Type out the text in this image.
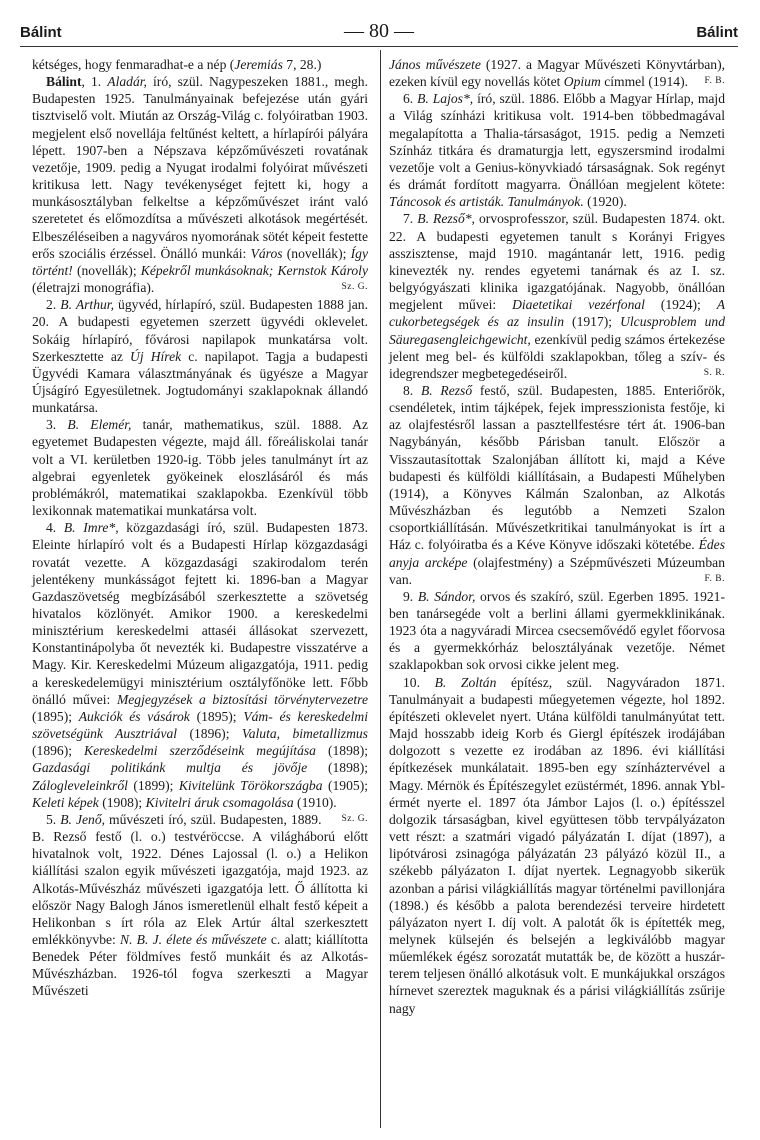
Bálint	— 80 —	Bálint

kétséges, hogy fenmaradhat-e a nép (Jeremiás 7, 28.)

Bálint, 1. Aladár, író, szül. Nagypeszeken 1881., megh. Budapesten 1925. Tanulmányainak befejezése után gyári tisztviselő volt. Miután az Ország-Világ c. folyóiratban 1903. megjelent első novellája feltűnést keltett, a hírlapírói pályára lépett. 1907-ben a Népszava képzőművészeti rovatának vezetője, 1909. pedig a Nyugat irodalmi folyóirat művészeti kritikusa lett. Nagy tevékenységet fejtett ki, hogy a munkásosztályban felkeltse a képzőművészet iránt való szeretetet és előmozdítsa a művészeti alkotások megértését. Elbeszéléseiben a nagyváros nyomorának sötét képeit festette erős szociális érzéssel. Önálló munkái: Város (novellák); Így történt! (novellák); Képekről munkásoknak; Kernstok Károly (életrajzi monográfia).	Sz. G.

2. B. Arthur, ügyvéd, hírlapíró, szül. Budapesten 1888 jan. 20. A budapesti egyetemen szerzett ügyvédi oklevelet. Sokáig hírlapíró, fővárosi napilapok munkatársa volt. Szerkesztette az Új Hírek c. napilapot. Tagja a budapesti Ügyvédi Kamara választmányának és ügyésze a Magyar Újságíró Egyesületnek. Jogtudományi szaklapoknak állandó munkatársa.

3. B. Elemér, tanár, mathematikus, szül. 1888. Az egyetemet Budapesten végezte, majd áll. főreáliskolai tanár volt a VI. kerületben 1920-ig. Több jeles tanulmányt írt az algebrai egyenletek gyökeinek eloszlásáról és más problémákról, matematikai szaklapokba. Ezenkívül több lexikonnak matematikai munkatársa volt.

4. B. Imre*, közgazdasági író, szül. Budapesten 1873. Eleinte hírlapíró volt és a Budapesti Hírlap közgazdasági rovatát vezette. A közgazdasági szakirodalom terén jelentékeny munkásságot fejtett ki. 1896-ban a Magyar Gazdaszövetség megbízásából szerkesztette a szövetség hivatalos közlönyét. Amikor 1900. a kereskedelmi minisztérium kereskedelmi attaséi állásokat szervezett, Konstantinápolyba őt nevezték ki. Budapestre visszatérve a Magy. Kir. Kereskedelmi Múzeum aligazgatója, 1911. pedig a kereskedelemügyi minisztérium osztályfőnöke lett. Főbb önálló művei: Megjegyzések a biztosítási törvénytervezetre (1895); Aukciók és vásárok (1895); Vám- és kereskedelmi szövetségünk Ausztriával (1896); Valuta, bimetallizmus (1896); Kereskedelmi szerződéseink megújítása (1898); Gazdasági politikánk multja és jövője (1898); Zálogleveleinkről (1899); Kivitelünk Törökországba (1905); Keleti képek (1908); Kivitelri áruk csomagolása (1910).
Sz. G.

5. B. Jenő, művészeti író, szül. Budapesten, 1889. B. Rezső festő (l. o.) testvéröccse. A világháború előtt hivatalnok volt, 1922. Dénes Lajossal (l. o.) a Helikon kiállítási szalon egyik művészeti igazgatója, majd 1923. az Alkotás-Művészház művészeti igazgatója lett. Ő állította ki először Nagy Balogh János ismeretlenül elhalt festő képeit a Helikonban s írt róla az Elek Artúr által szerkesztett emlékkönyvbe: N. B. J. élete és művészete c. alatt; kiállította Benedek Péter földmíves festő munkáit és az Alkotás-Művészházban. 1926-tól fogva szerkeszti a Magyar Művészeti

János művészete (1927. a Magyar Művészeti Könyvtárban), ezeken kívül egy novellás kötet Opium címmel (1914). F. B.

6. B. Lajos*, író, szül. 1886. Előbb a Magyar Hírlap, majd a Világ színházi kritikusa volt. 1914-ben többedmagával megalapította a Thalia-társaságot, 1915. pedig a Nemzeti Színház titkára és dramaturgja lett, egyszersmind irodalmi vezetője volt a Genius-könyvkiadó társaságnak. Sok regényt és drámát fordított magyarra. Önállóan megjelent kötete: Táncosok és artisták. Tanulmányok. (1920).

7. B. Rezső*, orvosprofesszor, szül. Budapesten 1874. okt. 22. A budapesti egyetemen tanult s Korányi Frigyes asszisztense, majd 1910. magántanár lett, 1916. pedig kinevezték ny. rendes egyetemi tanárnak és az I. sz. belgyógyászati klinika igazgatójának. Nagyobb, önállóan megjelent művei: Diaetetikai vezérfonal (1924); A cukorbetegségek és az insulin (1917); Ulcusproblem und Säuregasengleichgewicht, ezenkívül pedig számos értekezése jelent meg bel- és külföldi szaklapokban, tőleg a szív- és idegrendszer megbetegedéseiről.	S. R.

8. B. Rezső festő, szül. Budapesten, 1885. Enteriőrök, csendéletek, intim tájképek, fejek impresszionista festője, ki az olajfestésről lassan a pasztellfestésre tért át. 1906-ban Nagybányán, később Párisban tanult. Először a Visszautasítottak Szalonjában állított ki, majd a Kéve budapesti és külföldi kiállításain, a Budapesti Műhelyben (1914), a Könyves Kálmán Szalonban, az Alkotás Művészházban és legutóbb a Nemzeti Szalon csoportkiállításán. Művészetkritikai tanulmányokat is írt a Ház c. folyóiratba és a Kéve Könyve időszaki kötetébe. Édes anyja arcképe (olajfestmény) a Szépművészeti Múzeumban van.	F. B.

9. B. Sándor, orvos és szakíró, szül. Egerben 1895. 1921-ben tanársegéde volt a berlini állami gyermekklinikának. 1923 óta a nagyváradi Mircea csecsemővédő egylet főorvosa és a gyermekkórház belosztályának vezetője. Német szaklapokban sok orvosi cikke jelent meg.

10. B. Zoltán építész, szül. Nagyváradon 1871. Tanulmányait a budapesti műegyetemen végezte, hol 1892. építészeti oklevelet nyert. Utána külföldi tanulmányútat tett. Majd hosszabb ideig Korb és Giergl építészek irodájában dolgozott s vezette ez irodában az 1896. évi kiállítási építkezések munkálatait. 1895-ben egy színháztervével a Magy. Mérnök és Építészegylet ezüstérmét, 1896. annak Ybl-érmét nyerte el. 1897 óta Jámbor Lajos (l. o.) építésszel dolgozik társaságban, kivel együttesen több tervpályázaton vett részt: a szatmári vigadó pályázatán I. díjat (1897), a lipótvárosi zsinagóga pályázatán 23 pályázó közül II., a székebb pályázaton I. díjat nyertek. Legnagyobb sikerük azonban a párisi világkiállítás magyar történelmi pavillonjára (1898.) és később a palota berendezési terveire hirdetett pályázaton nyert I. díj volt. A palotát ők is építették meg, melynek külsején és belsején a legkiválóbb magyar műemlékek égész sorozatát mutatták be, de között a huszár-terem teljesen önálló alkotásuk volt. E munkájukkal országos hírnevet szereztek maguknak és a párisi világkiállítás zsűrije nagy
